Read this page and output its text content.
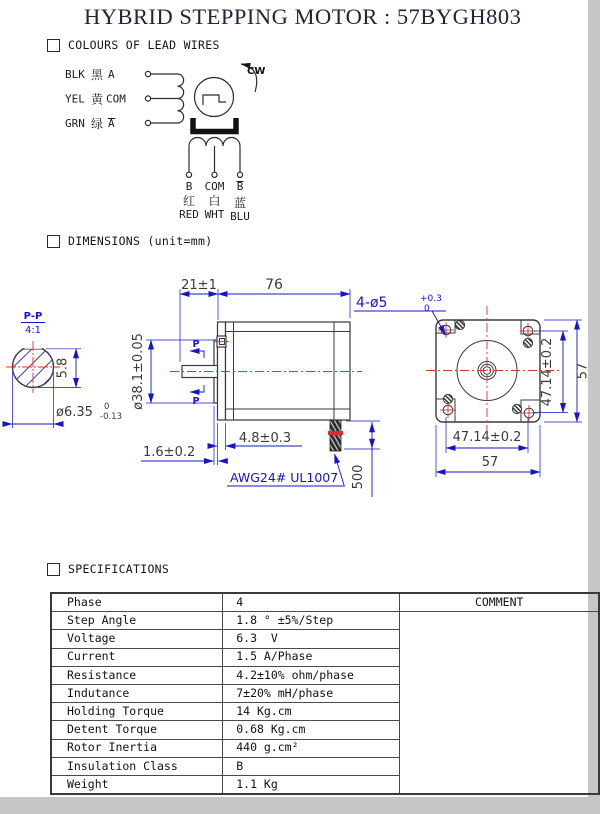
HYBRID STEPPING MOTOR : 57BYGH803
COLOURS OF LEAD WIRES
BLK 黑 A
YEL 黄 COM
GRN 绿 A
CW
B COM B
红 白 蓝
RED WHT BLU
DIMENSIONS (unit=mm)
P-P
4:1
5.8
ø6.35 0
-0.13
21±1	76
ø38.1±0.05	P
P
4.8±0.3
1.6±0.2
500
AWG24# UL1007
4-ø5	+0.3
0
47.14±0.2
57
47.14±0.2 57
SPECIFICATIONS
Phase	4	COMMENT
Step Angle	1.8 ° ±5%/Step	
Voltage	6.3  V	
Current	1.5 A/Phase	
Resistance	4.2±10% ohm/phase	
Indutance	7±20% mH/phase	
Holding Torque	14 Kg.cm	
Detent Torque	0.68 Kg.cm	
Rotor Inertia	440 g.cm²	
Insulation Class	B	
Weight	1.1 Kg	
